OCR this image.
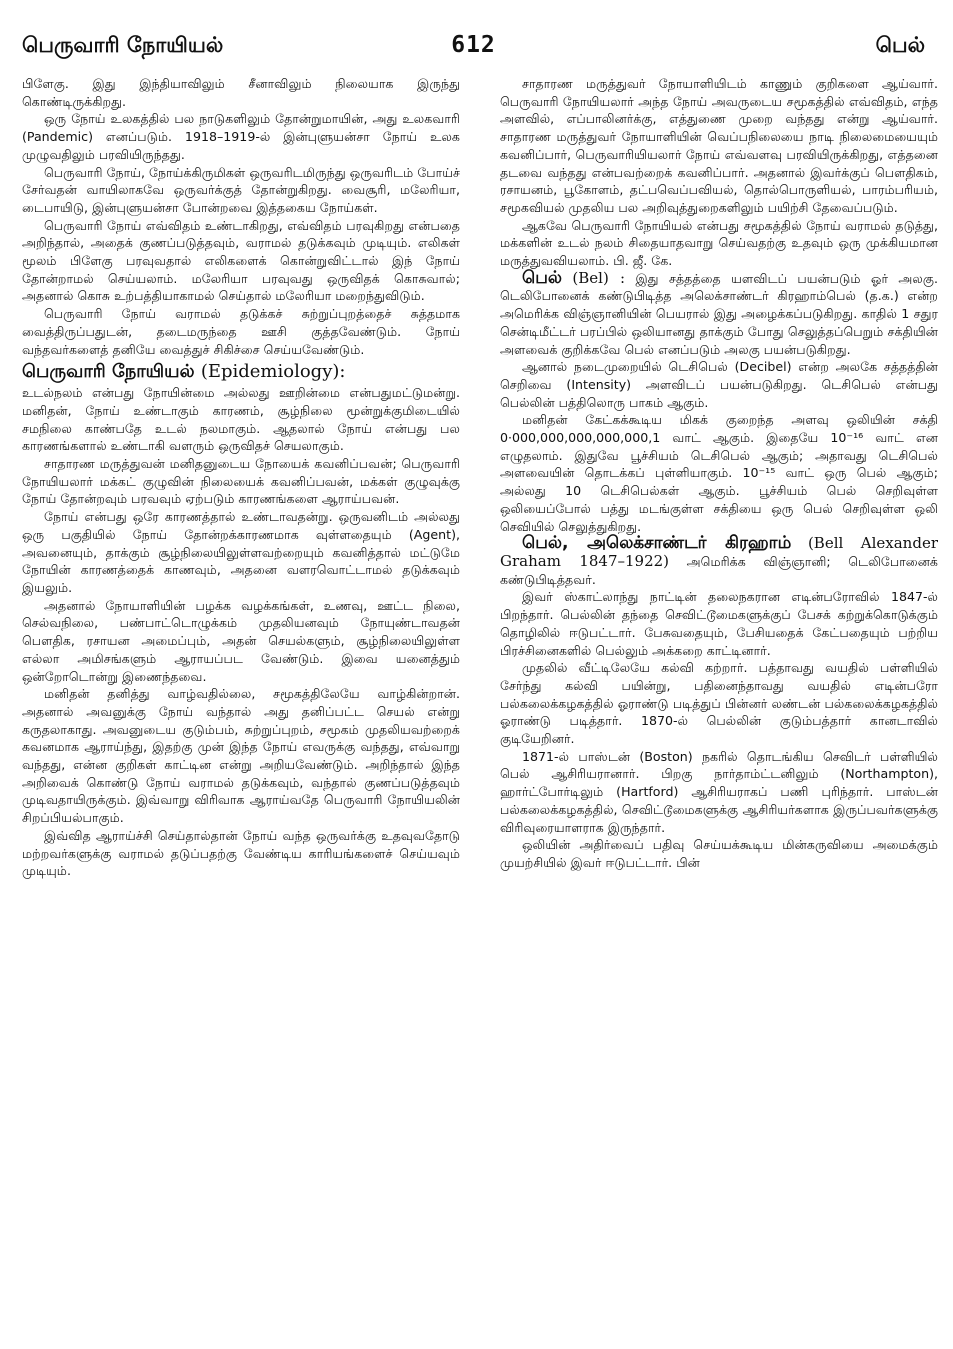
பெருவாரி நோயியல்	612	பெல்

பிளேகு. இது இந்தியாவிலும் சீனாவிலும் நிலையாக இருந்து கொண்டிருக்கிறது.

ஒரு நோய் உலகத்தில் பல நாடுகளிலும் தோன்றுமாயின், அது உலகவாரி (Pandemic) எனப்படும். 1918–1919-ல் இன்புளுயன்சா நோய் உலக முழுவதிலும் பரவியிருந்தது.

பெருவாரி நோய், நோய்க்கிருமிகள் ஒருவரிடமிருந்து ஒருவரிடம் போய்ச் சேர்வதன் வாயிலாகவே ஒருவர்க்குத் தோன்றுகிறது. வைசூரி, மலேரியா, டைபாயிடு, இன்புளுயன்சா போன்றவை இத்தகைய நோய்கள்.

பெருவாரி நோய் எவ்விதம் உண்டாகிறது, எவ்விதம் பரவுகிறது என்பதை அறிந்தால், அதைக் குணப்படுத்தவும், வராமல் தடுக்கவும் முடியும். எலிகள் மூலம் பிளேகு பரவுவதால் எலிகளைக் கொன்றுவிட்டால் இந் நோய் தோன்றாமல் செய்யலாம். மலேரியா பரவுவது ஒருவிதக் கொசுவால்; அதனால் கொசு உற்பத்தியாகாமல் செய்தால் மலேரியா மறைந்துவிடும்.

பெருவாரி நோய் வராமல் தடுக்கச் சுற்றுப்புறத்தைச் சுத்தமாக வைத்திருப்பதுடன், தடைமருந்தை ஊசி குத்தவேண்டும். நோய் வந்தவர்களைத் தனியே வைத்துச் சிகிச்சை செய்யவேண்டும்.

பெருவாரி நோயியல் (Epidemiology):

உடல்நலம் என்பது நோயின்மை அல்லது ஊறின்மை என்பதுமட்டுமன்று. மனிதன், நோய் உண்டாகும் காரணம், சூழ்நிலை மூன்றுக்குமிடையில் சமநிலை காண்பதே உடல் நலமாகும். ஆதலால் நோய் என்பது பல காரணங்களால் உண்டாகி வளரும் ஒருவிதச் செயலாகும்.

சாதாரண மருத்துவன் மனிதனுடைய நோயைக் கவனிப்பவன்; பெருவாரி நோயியலார் மக்கட் குழுவின் நிலையைக் கவனிப்பவன், மக்கள் குழுவுக்கு நோய் தோன்றவும் பரவவும் ஏற்படும் காரணங்களை ஆராய்பவன்.

நோய் என்பது ஒரே காரணத்தால் உண்டாவதன்று. ஒருவனிடம் அல்லது ஒரு பகுதியில் நோய் தோன்றக்காரணமாக வுள்ளதையும் (Agent), அவனையும், தாக்கும் சூழ்நிலையிலுள்ளவற்றையும் கவனித்தால் மட்டுமே நோயின் காரணத்தைக் காணவும், அதனை வளரவொட்டாமல் தடுக்கவும் இயலும்.

அதனால் நோயாளியின் பழக்க வழக்கங்கள், உணவு, ஊட்ட நிலை, செல்வநிலை, பண்பாட்டொழுக்கம் முதலியனவும் நோயுண்டாவதன் பௌதிக, ரசாயன அமைப்பும், அதன் செயல்களும், சூழ்நிலையிலுள்ள எல்லா அமிசங்களும் ஆராயப்பட வேண்டும். இவை யனைத்தும் ஒன்றோடொன்று இணைந்தவை.

மனிதன் தனித்து வாழ்வதில்லை, சமூகத்திலேயே வாழ்கின்றான். அதனால் அவனுக்கு நோய் வந்தால் அது தனிப்பட்ட செயல் என்று கருதலாகாது. அவனுடைய குடும்பம், சுற்றுப்புறம், சமூகம் முதலியவற்றைக் கவனமாக ஆராய்ந்து, இதற்கு முன் இந்த நோய் எவருக்கு வந்தது, எவ்வாறு வந்தது, என்ன குறிகள் காட்டின என்று அறியவேண்டும். அறிந்தால் இந்த அறிவைக் கொண்டு நோய் வராமல் தடுக்கவும், வந்தால் குணப்படுத்தவும் முடிவதாயிருக்கும். இவ்வாறு விரிவாக ஆராய்வதே பெருவாரி நோயியலின் சிறப்பியல்பாகும்.

இவ்வித ஆராய்ச்சி செய்தால்தான் நோய் வந்த ஒருவர்க்கு உதவுவதோடு மற்றவர்களுக்கு வராமல் தடுப்பதற்கு வேண்டிய காரியங்களைச் செய்யவும் முடியும்.

சாதாரண மருத்துவர் நோயாளியிடம் காணும் குறிகளை ஆய்வார். பெருவாரி நோயியலார் அந்த நோய் அவருடைய சமூகத்தில் எவ்விதம், எந்த அளவில், எப்பாலினர்க்கு, எத்துணை முறை வந்தது என்று ஆய்வார். சாதாரண மருத்துவர் நோயாளியின் வெப்பநிலையை நாடி நிலைமையையும் கவனிப்பார், பெருவாரியியலார் நோய் எவ்வளவு பரவியிருக்கிறது, எத்தனை தடவை வந்தது என்பவற்றைக் கவனிப்பார். அதனால் இவர்க்குப் பௌதிகம், ரசாயனம், பூகோளம், தட்பவெப்பவியல், தொல்பொருளியல், பாரம்பரியம், சமூகவியல் முதலிய பல அறிவுத்துறைகளிலும் பயிற்சி தேவைப்படும்.

ஆகவே பெருவாரி நோயியல் என்பது சமூகத்தில் நோய் வராமல் தடுத்து, மக்களின் உடல் நலம் சிதையாதவாறு செய்வதற்கு உதவும் ஒரு முக்கியமான மருத்துவவியலாம். பி. ஜீ. கே.

பெல் (Bel) : இது சத்தத்தை யளவிடப் பயன்படும் ஓர் அலகு. டெலிபோனைக் கண்டுபிடித்த அலெக்சாண்டர் கிரஹாம்பெல் (த.க.) என்ற அமெரிக்க விஞ்ஞானியின் பெயரால் இது அழைக்கப்படுகிறது. காதில் 1 சதுர சென்டிமீட்டர் பரப்பில் ஒலியானது தாக்கும் போது செலுத்தப்பெறும் சக்தியின் அளவைக் குறிக்கவே பெல் எனப்படும் அலகு பயன்படுகிறது.

ஆனால் நடைமுறையில் டெசிபெல் (Decibel) என்ற அலகே சத்தத்தின் செறிவை (Intensity) அளவிடப் பயன்படுகிறது. டெசிபெல் என்பது பெல்லின் பத்திலொரு பாகம் ஆகும்.

மனிதன் கேட்கக்கூடிய மிகக் குறைந்த அளவு ஒலியின் சக்தி 0·000,000,000,000,000,1 வாட் ஆகும். இதையே 10⁻¹⁶ வாட் என எழுதலாம். இதுவே பூச்சியம் டெசிபெல் ஆகும்; அதாவது டெசிபெல் அளவையின் தொடக்கப் புள்ளியாகும். 10⁻¹⁵ வாட் ஒரு பெல் ஆகும்; அல்லது 10 டெசிபெல்கள் ஆகும். பூச்சியம் பெல் செறிவுள்ள ஒலியைப்போல் பத்து மடங்குள்ள சக்தியை ஒரு பெல் செறிவுள்ள ஒலி செவியில் செலுத்துகிறது.

பெல், அலெக்சாண்டர் கிரஹாம் (Bell Alexander Graham 1847–1922) அமெரிக்க விஞ்ஞானி; டெலிபோனைக் கண்டுபிடித்தவர்.

இவர் ஸ்காட்லாந்து நாட்டின் தலைநகரான எடின்பரோவில் 1847-ல் பிறந்தார். பெல்லின் தந்தை செவிட்டூமைகளுக்குப் பேசக் கற்றுக்கொடுக்கும் தொழிலில் ஈடுபட்டார். பேசுவதையும், பேசியதைக் கேட்பதையும் பற்றிய பிரச்சினைகளில் பெல்லும் அக்கறை காட்டினார்.

முதலில் வீட்டிலேயே கல்வி கற்றார். பத்தாவது வயதில் பள்ளியில் சேர்ந்து கல்வி பயின்று, பதினைந்தாவது வயதில் எடின்பரோ பல்கலைக்கழகத்தில் ஓராண்டு படித்துப் பின்னர் லண்டன் பல்கலைக்கழகத்தில் ஓராண்டு படித்தார். 1870-ல் பெல்லின் குடும்பத்தார் கானடாவில் குடியேறினர்.

1871-ல் பாஸ்டன் (Boston) நகரில் தொடங்கிய செவிடர் பள்ளியில் பெல் ஆசிரியரானார். பிறகு நார்தாம்ட்டனிலும் (Northampton), ஹார்ட்போர்டிலும் (Hartford) ஆசிரியராகப் பணி புரிந்தார். பாஸ்டன் பல்கலைக்கழகத்தில், செவிட்டூமைகளுக்கு ஆசிரியர்களாக இருப்பவர்களுக்கு விரிவுரையாளராக இருந்தார்.

ஒலியின் அதிர்வைப் பதிவு செய்யக்கூடிய மின்கருவியை அமைக்கும் முயற்சியில் இவர் ஈடுபட்டார். பின்
